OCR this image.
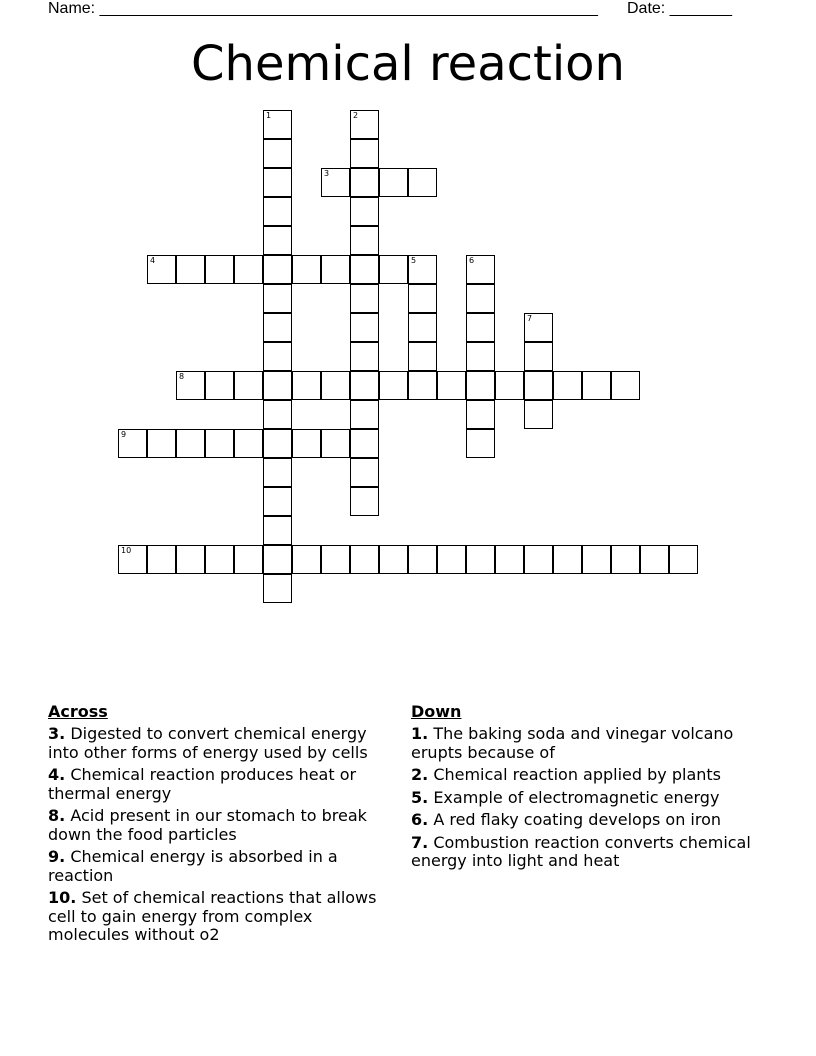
Name: ________________________________________________________ Date: _______
Chemical reaction
1	2
3
4	5	6
7
8
9
10
Across
3. Digested to convert chemical energy into other forms of energy used by cells
4. Chemical reaction produces heat or thermal energy
8. Acid present in our stomach to break down the food particles
9. Chemical energy is absorbed in a reaction
10. Set of chemical reactions that allows cell to gain energy from complex molecules without o2
Down
1. The baking soda and vinegar volcano erupts because of
2. Chemical reaction applied by plants
5. Example of electromagnetic energy
6. A red flaky coating develops on iron
7. Combustion reaction converts chemical energy into light and heat
